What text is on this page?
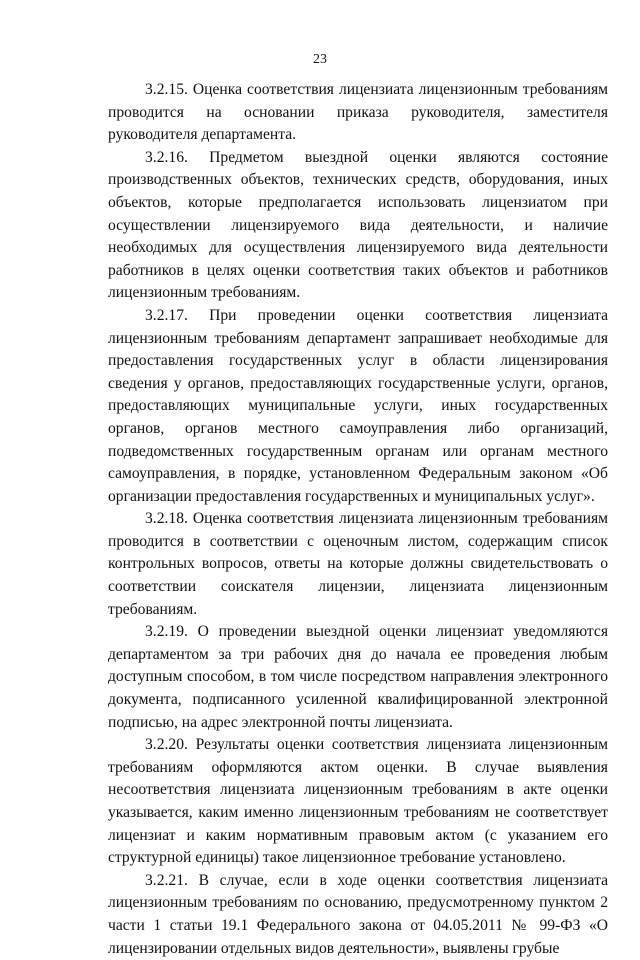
23

3.2.15. Оценка соответствия лицензиата лицензионным требованиям проводится на основании приказа руководителя, заместителя руководителя департамента.

3.2.16. Предметом выездной оценки являются состояние производственных объектов, технических средств, оборудования, иных объектов, которые предполагается использовать лицензиатом при осуществлении лицензируемого вида деятельности, и наличие необходимых для осуществления лицензируемого вида деятельности работников в целях оценки соответствия таких объектов и работников лицензионным требованиям.

3.2.17. При проведении оценки соответствия лицензиата лицензионным требованиям департамент запрашивает необходимые для предоставления государственных услуг в области лицензирования сведения у органов, предоставляющих государственные услуги, органов, предоставляющих муниципальные услуги, иных государственных органов, органов местного самоуправления либо организаций, подведомственных государственным органам или органам местного самоуправления, в порядке, установленном Федеральным законом «Об организации предоставления государственных и муниципальных услуг».

3.2.18. Оценка соответствия лицензиата лицензионным требованиям проводится в соответствии с оценочным листом, содержащим список контрольных вопросов, ответы на которые должны свидетельствовать о соответствии соискателя лицензии, лицензиата лицензионным требованиям.

3.2.19. О проведении выездной оценки лицензиат уведомляются департаментом за три рабочих дня до начала ее проведения любым доступным способом, в том числе посредством направления электронного документа, подписанного усиленной квалифицированной электронной подписью, на адрес электронной почты лицензиата.

3.2.20. Результаты оценки соответствия лицензиата лицензионным требованиям оформляются актом оценки. В случае выявления несоответствия лицензиата лицензионным требованиям в акте оценки указывается, каким именно лицензионным требованиям не соответствует лицензиат и каким нормативным правовым актом (с указанием его структурной единицы) такое лицензионное требование установлено.

3.2.21. В случае, если в ходе оценки соответствия лицензиата лицензионным требованиям по основанию, предусмотренному пунктом 2 части 1 статьи 19.1 Федерального закона от 04.05.2011 № 99-ФЗ «О лицензировании отдельных видов деятельности», выявлены грубые
